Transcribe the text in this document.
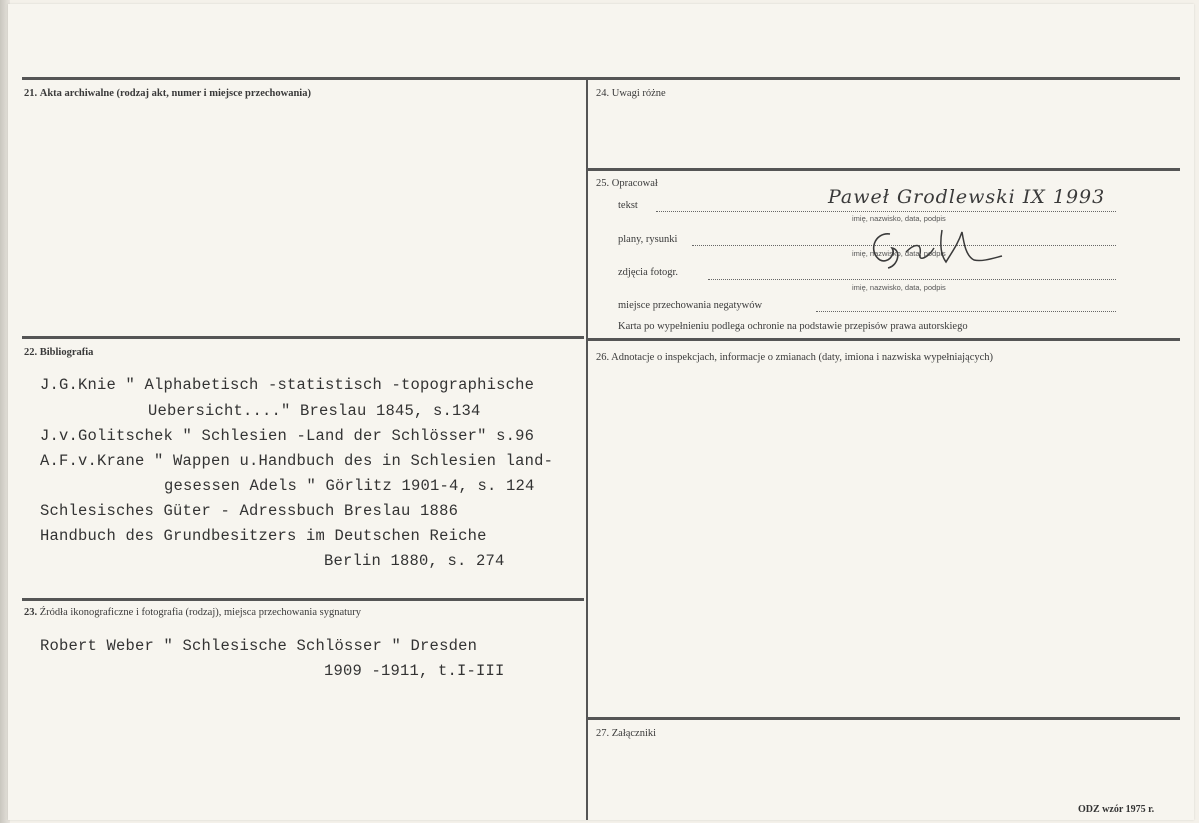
21. Akta archiwalne (rodzaj akt, numer i miejsce przechowania)
22. Bibliografia
J.G.Knie " Alphabetisch -statistisch -topographische
Uebersicht...." Breslau 1845, s.134
J.v.Golitschek " Schlesien -Land der Schlösser" s.96
A.F.v.Krane " Wappen u.Handbuch des in Schlesien land-
gesessen Adels " Görlitz 1901-4, s. 124
Schlesisches Güter - Adressbuch Breslau 1886
Handbuch des Grundbesitzers im Deutschen Reiche
Berlin 1880, s. 274
23. Źródła ikonograficzne i fotografia (rodzaj), miejsca przechowania sygnatury
Robert Weber " Schlesische Schlösser " Dresden
1909 -1911, t.I-III
24. Uwagi różne
25. Opracował
tekst
imię, nazwisko, data, podpis
Paweł Grodlewski IX 1993
plany, rysunki
imię, nazwisko, data, podpis
zdjęcia fotogr.
imię, nazwisko, data, podpis
miejsce przechowania negatywów
Karta po wypełnieniu podlega ochronie na podstawie przepisów prawa autorskiego
26. Adnotacje o inspekcjach, informacje o zmianach (daty, imiona i nazwiska wypełniających)
27. Załączniki
ODZ wzór 1975 r.
